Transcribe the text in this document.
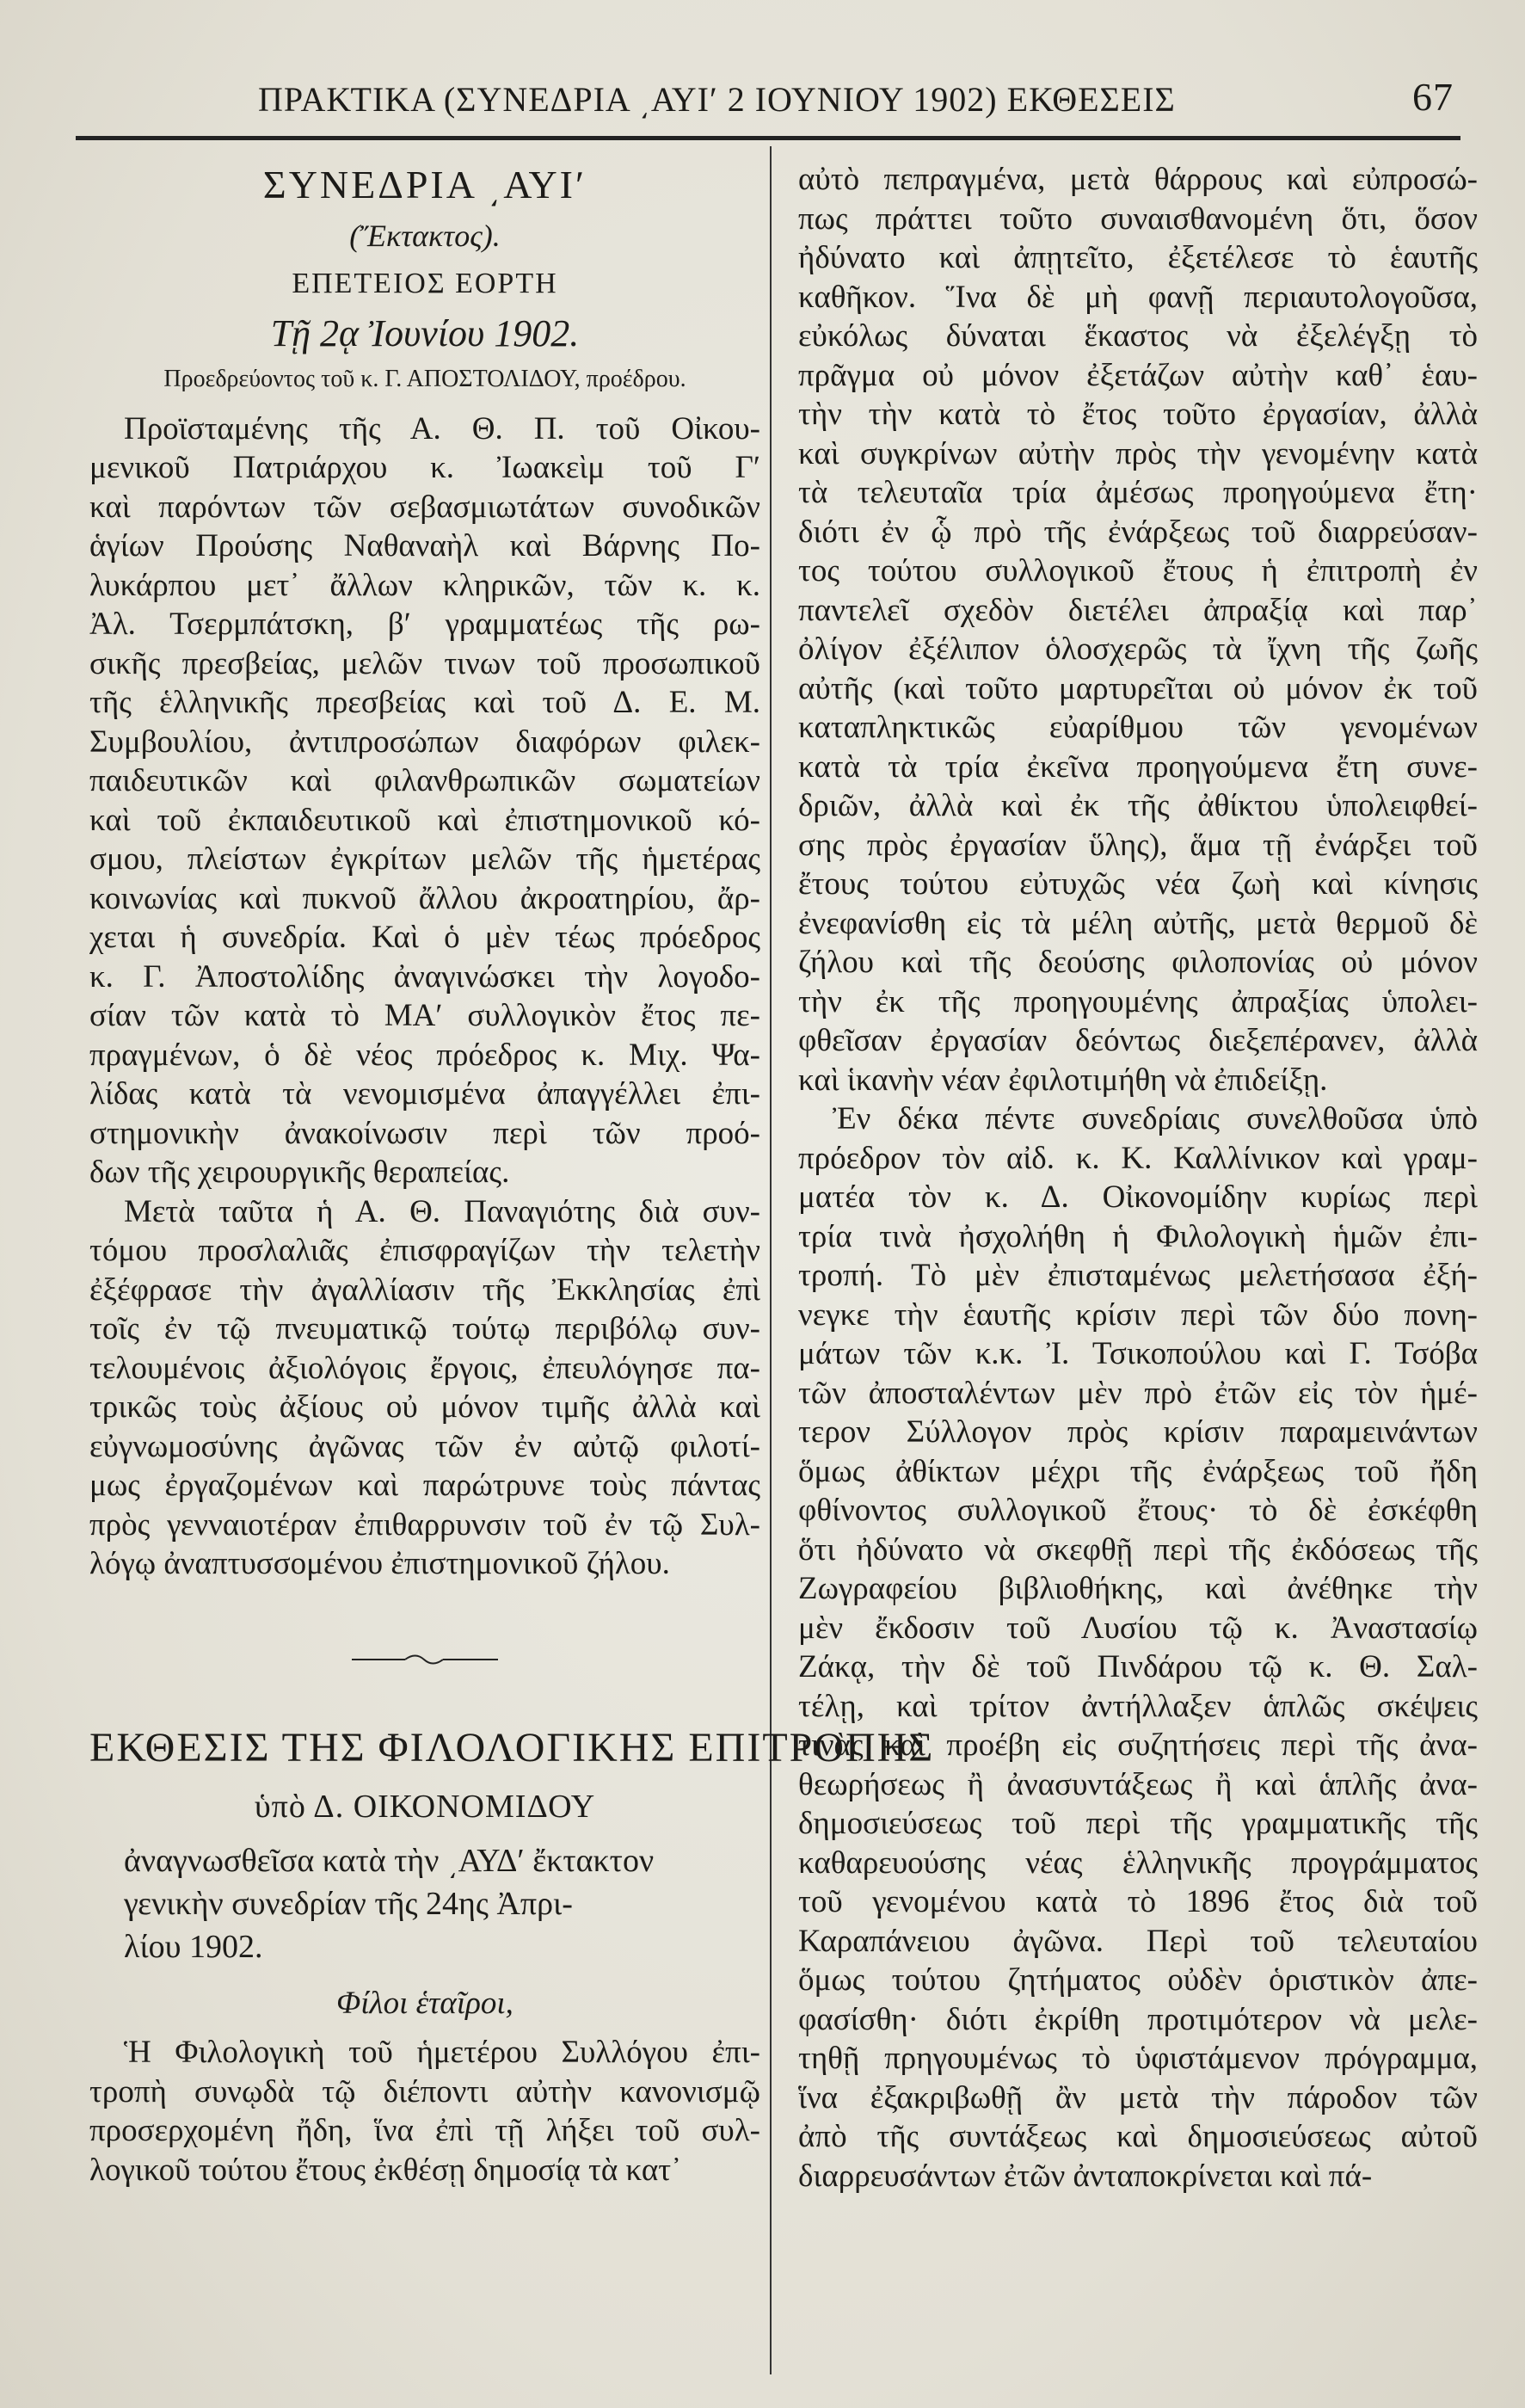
ΠΡΑΚΤΙΚΑ (ΣΥΝΕΔΡΙΑ ͵ΑΥΙʹ 2 ΙΟΥΝΙΟΥ 1902) ΕΚΘΕΣΕΙΣ	67
ΣΥΝΕΔΡΙΑ ͵ΑΥΙʹ
(Ἔκτακτος).
ΕΠΕΤΕΙΟΣ ΕΟΡΤΗ
Τῇ 2ᾳ Ἰουνίου 1902.
Προεδρεύοντος τοῦ κ. Γ. ΑΠΟΣΤΟΛΙΔΟΥ, προέδρου.
Προϊσταμένης τῆς Α. Θ. Π. τοῦ Οἰκου-
μενικοῦ Πατριάρχου κ. Ἰωακεὶμ τοῦ Γʹ
καὶ παρόντων τῶν σεβασμιωτάτων συνοδικῶν
ἁγίων Προύσης Ναθαναὴλ καὶ Βάρνης Πο-
λυκάρπου μετ᾿ ἄλλων κληρικῶν, τῶν κ. κ.
Ἀλ. Τσερμπάτσκη, βʹ γραμματέως τῆς ρω-
σικῆς πρεσβείας, μελῶν τινων τοῦ προσωπικοῦ
τῆς ἑλληνικῆς πρεσβείας καὶ τοῦ Δ. Ε. Μ.
Συμβουλίου, ἀντιπροσώπων διαφόρων φιλεκ-
παιδευτικῶν καὶ φιλανθρωπικῶν σωματείων
καὶ τοῦ ἐκπαιδευτικοῦ καὶ ἐπιστημονικοῦ κό-
σμου, πλείστων ἐγκρίτων μελῶν τῆς ἡμετέρας
κοινωνίας καὶ πυκνοῦ ἄλλου ἀκροατηρίου, ἄρ-
χεται ἡ συνεδρία. Καὶ ὁ μὲν τέως πρόεδρος
κ. Γ. Ἀποστολίδης ἀναγινώσκει τὴν λογοδο-
σίαν τῶν κατὰ τὸ ΜΑʹ συλλογικὸν ἔτος πε-
πραγμένων, ὁ δὲ νέος πρόεδρος κ. Μιχ. Ψα-
λίδας κατὰ τὰ νενομισμένα ἀπαγγέλλει ἐπι-
στημονικὴν ἀνακοίνωσιν περὶ τῶν προό-
δων τῆς χειρουργικῆς θεραπείας.
Μετὰ ταῦτα ἡ Α. Θ. Παναγιότης διὰ συν-
τόμου προσλαλιᾶς ἐπισφραγίζων τὴν τελετὴν
ἐξέφρασε τὴν ἀγαλλίασιν τῆς Ἐκκλησίας ἐπὶ
τοῖς ἐν τῷ πνευματικῷ τούτῳ περιβόλῳ συν-
τελουμένοις ἀξιολόγοις ἔργοις, ἐπευλόγησε πα-
τρικῶς τοὺς ἀξίους οὐ μόνον τιμῆς ἀλλὰ καὶ
εὐγνωμοσύνης ἀγῶνας τῶν ἐν αὐτῷ φιλοτί-
μως ἐργαζομένων καὶ παρώτρυνε τοὺς πάντας
πρὸς γενναιοτέραν ἐπιθαρρυνσιν τοῦ ἐν τῷ Συλ-
λόγῳ ἀναπτυσσομένου ἐπιστημονικοῦ ζήλου.
ΕΚΘΕΣΙΣ ΤΗΣ ΦΙΛΟΛΟΓΙΚΗΣ ΕΠΙΤΡΟΠΗΣ
ὑπὸ Δ. ΟΙΚΟΝΟΜΙΔΟΥ
ἀναγνωσθεῖσα κατὰ τὴν ͵ΑΥΔʹ ἔκτακτον
γενικὴν συνεδρίαν τῆς 24ης Ἀπρι-
λίου 1902.
Φίλοι ἑταῖροι,
Ἡ Φιλολογικὴ τοῦ ἡμετέρου Συλλόγου ἐπι-
τροπὴ συνῳδὰ τῷ διέποντι αὐτὴν κανονισμῷ
προσερχομένη ἤδη, ἵνα ἐπὶ τῇ λήξει τοῦ συλ-
λογικοῦ τούτου ἔτους ἐκθέσῃ δημοσίᾳ τὰ κατ᾿
αὐτὸ πεπραγμένα, μετὰ θάρρους καὶ εὐπροσώ-
πως πράττει τοῦτο συναισθανομένη ὅτι, ὅσον
ἠδύνατο καὶ ἀπῃτεῖτο, ἐξετέλεσε τὸ ἑαυτῆς
καθῆκον. Ἵνα δὲ μὴ φανῇ περιαυτολογοῦσα,
εὐκόλως δύναται ἕκαστος νὰ ἐξελέγξῃ τὸ
πρᾶγμα οὐ μόνον ἐξετάζων αὐτὴν καθ᾿ ἑαυ-
τὴν τὴν κατὰ τὸ ἔτος τοῦτο ἐργασίαν, ἀλλὰ
καὶ συγκρίνων αὐτὴν πρὸς τὴν γενομένην κατὰ
τὰ τελευταῖα τρία ἀμέσως προηγούμενα ἔτη·
διότι ἐν ᾧ πρὸ τῆς ἐνάρξεως τοῦ διαρρεύσαν-
τος τούτου συλλογικοῦ ἔτους ἡ ἐπιτροπὴ ἐν
παντελεῖ σχεδὸν διετέλει ἀπραξίᾳ καὶ παρ᾿
ὀλίγον ἐξέλιπον ὁλοσχερῶς τὰ ἴχνη τῆς ζωῆς
αὐτῆς (καὶ τοῦτο μαρτυρεῖται οὐ μόνον ἐκ τοῦ
καταπληκτικῶς εὐαρίθμου τῶν γενομένων
κατὰ τὰ τρία ἐκεῖνα προηγούμενα ἔτη συνε-
δριῶν, ἀλλὰ καὶ ἐκ τῆς ἀθίκτου ὑπολειφθεί-
σης πρὸς ἐργασίαν ὕλης), ἅμα τῇ ἐνάρξει τοῦ
ἔτους τούτου εὐτυχῶς νέα ζωὴ καὶ κίνησις
ἐνεφανίσθη εἰς τὰ μέλη αὐτῆς, μετὰ θερμοῦ δὲ
ζήλου καὶ τῆς δεούσης φιλοπονίας οὐ μόνον
τὴν ἐκ τῆς προηγουμένης ἀπραξίας ὑπολει-
φθεῖσαν ἐργασίαν δεόντως διεξεπέρανεν, ἀλλὰ
καὶ ἱκανὴν νέαν ἐφιλοτιμήθη νὰ ἐπιδείξῃ.
Ἐν δέκα πέντε συνεδρίαις συνελθοῦσα ὑπὸ
πρόεδρον τὸν αἰδ. κ. Κ. Καλλίνικον καὶ γραμ-
ματέα τὸν κ. Δ. Οἰκονομίδην κυρίως περὶ
τρία τινὰ ἠσχολήθη ἡ Φιλολογικὴ ἡμῶν ἐπι-
τροπή. Τὸ μὲν ἐπισταμένως μελετήσασα ἐξή-
νεγκε τὴν ἑαυτῆς κρίσιν περὶ τῶν δύο πονη-
μάτων τῶν κ.κ. Ἰ. Τσικοπούλου καὶ Γ. Τσόβα
τῶν ἀποσταλέντων μὲν πρὸ ἐτῶν εἰς τὸν ἡμέ-
τερον Σύλλογον πρὸς κρίσιν παραμεινάντων
ὅμως ἀθίκτων μέχρι τῆς ἐνάρξεως τοῦ ἤδη
φθίνοντος συλλογικοῦ ἔτους· τὸ δὲ ἐσκέφθη
ὅτι ἠδύνατο νὰ σκεφθῇ περὶ τῆς ἐκδόσεως τῆς
Ζωγραφείου βιβλιοθήκης, καὶ ἀνέθηκε τὴν
μὲν ἔκδοσιν τοῦ Λυσίου τῷ κ. Ἀναστασίῳ
Ζάκᾳ, τὴν δὲ τοῦ Πινδάρου τῷ κ. Θ. Σαλ-
τέλῃ, καὶ τρίτον ἀντήλλαξεν ἁπλῶς σκέψεις
τινὰς καὶ προέβη εἰς συζητήσεις περὶ τῆς ἀνα-
θεωρήσεως ἢ ἀνασυντάξεως ἢ καὶ ἁπλῆς ἀνα-
δημοσιεύσεως τοῦ περὶ τῆς γραμματικῆς τῆς
καθαρευούσης νέας ἑλληνικῆς προγράμματος
τοῦ γενομένου κατὰ τὸ 1896 ἔτος διὰ τοῦ
Καραπάνειου ἀγῶνα. Περὶ τοῦ τελευταίου
ὅμως τούτου ζητήματος οὐδὲν ὁριστικὸν ἀπε-
φασίσθη· διότι ἐκρίθη προτιμότερον νὰ μελε-
τηθῇ πρηγουμένως τὸ ὑφιστάμενον πρόγραμμα,
ἵνα ἐξακριβωθῇ ἂν μετὰ τὴν πάροδον τῶν
ἀπὸ τῆς συντάξεως καὶ δημοσιεύσεως αὐτοῦ
διαρρευσάντων ἐτῶν ἀνταποκρίνεται καὶ πά-
